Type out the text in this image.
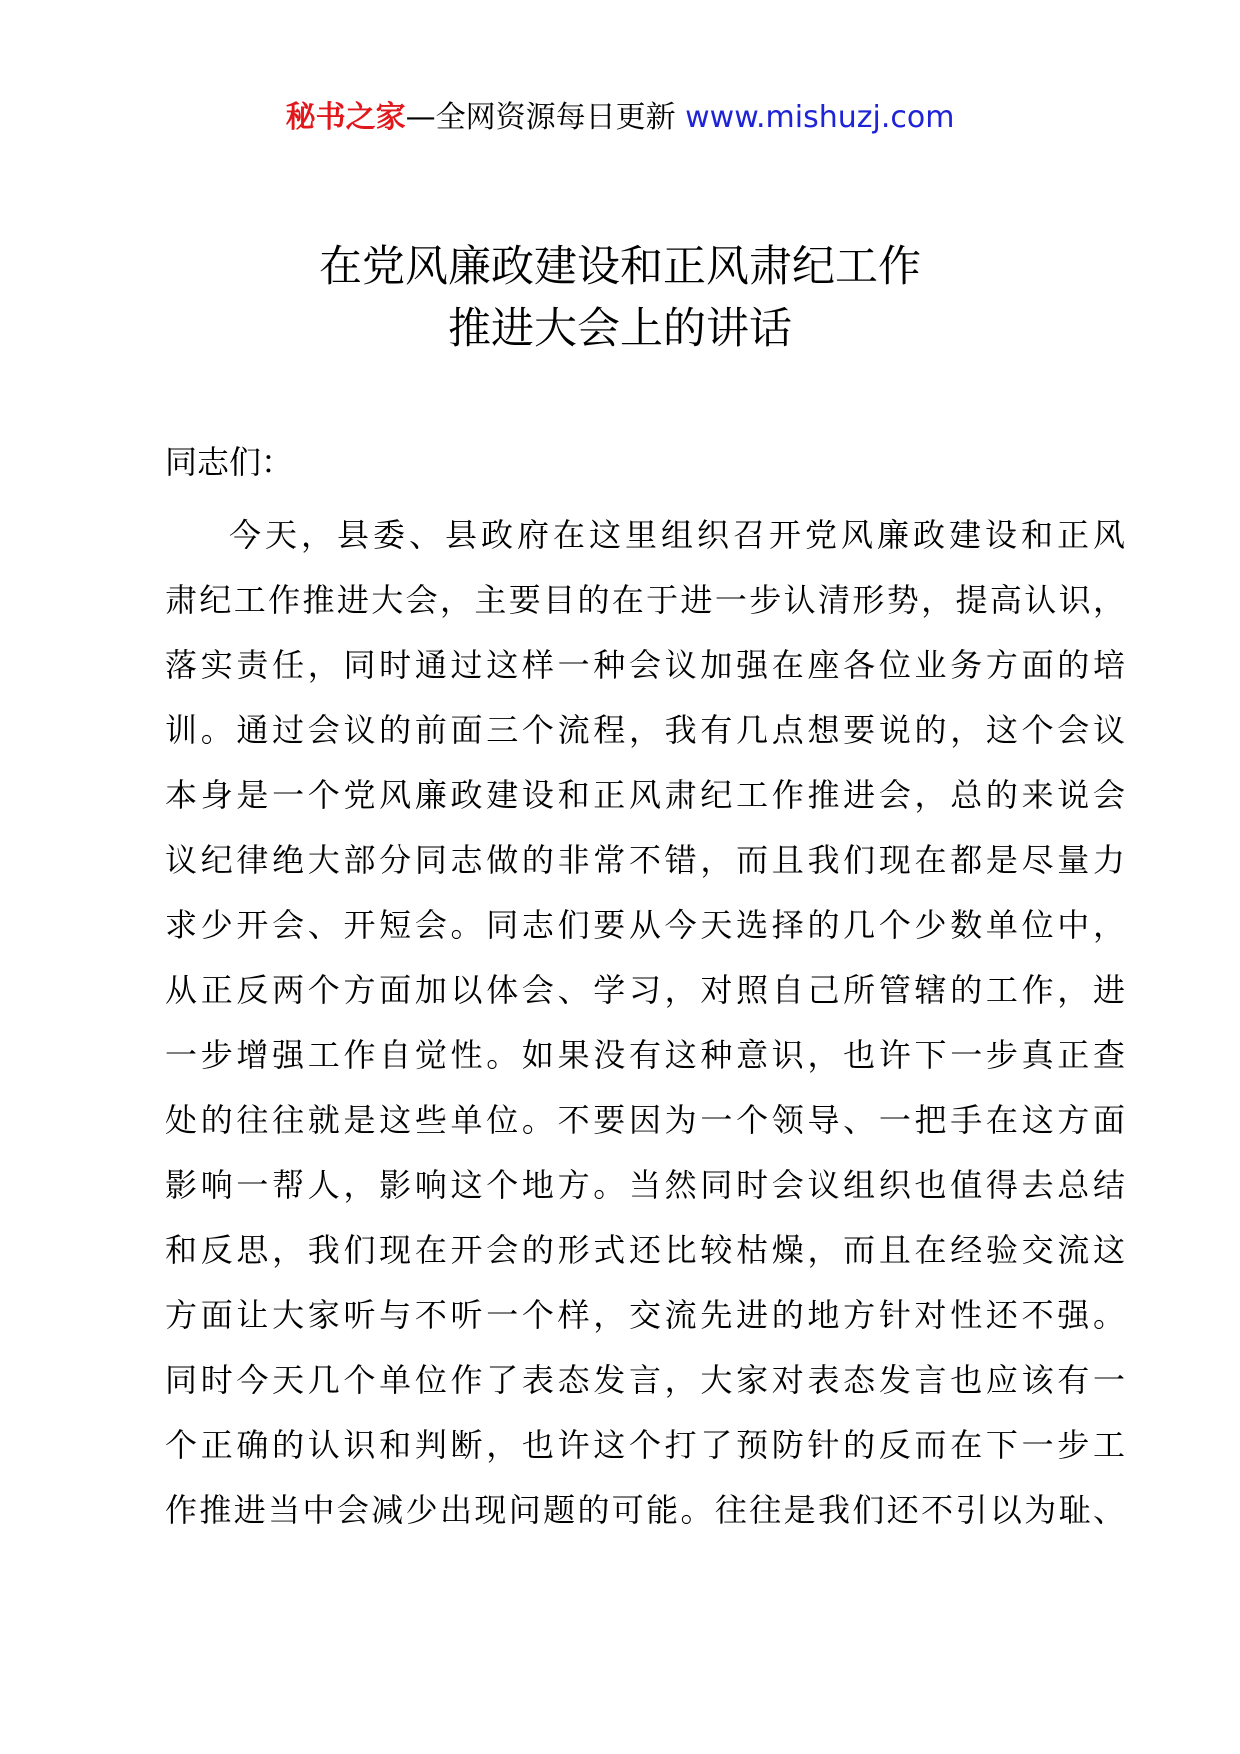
秘书之家—全网资源每日更新 www.mishuzj.com
在党风廉政建设和正风肃纪工作
推进大会上的讲话
同志们：
今天，县委、县政府在这里组织召开党风廉政建设和正风
肃纪工作推进大会，主要目的在于进一步认清形势，提高认识，
落实责任，同时通过这样一种会议加强在座各位业务方面的培
训。通过会议的前面三个流程，我有几点想要说的，这个会议
本身是一个党风廉政建设和正风肃纪工作推进会，总的来说会
议纪律绝大部分同志做的非常不错，而且我们现在都是尽量力
求少开会、开短会。同志们要从今天选择的几个少数单位中，
从正反两个方面加以体会、学习，对照自己所管辖的工作，进
一步增强工作自觉性。如果没有这种意识，也许下一步真正查
处的往往就是这些单位。不要因为一个领导、一把手在这方面
影响一帮人，影响这个地方。当然同时会议组织也值得去总结
和反思，我们现在开会的形式还比较枯燥，而且在经验交流这
方面让大家听与不听一个样，交流先进的地方针对性还不强。
同时今天几个单位作了表态发言，大家对表态发言也应该有一
个正确的认识和判断，也许这个打了预防针的反而在下一步工
作推进当中会减少出现问题的可能。往往是我们还不引以为耻、
